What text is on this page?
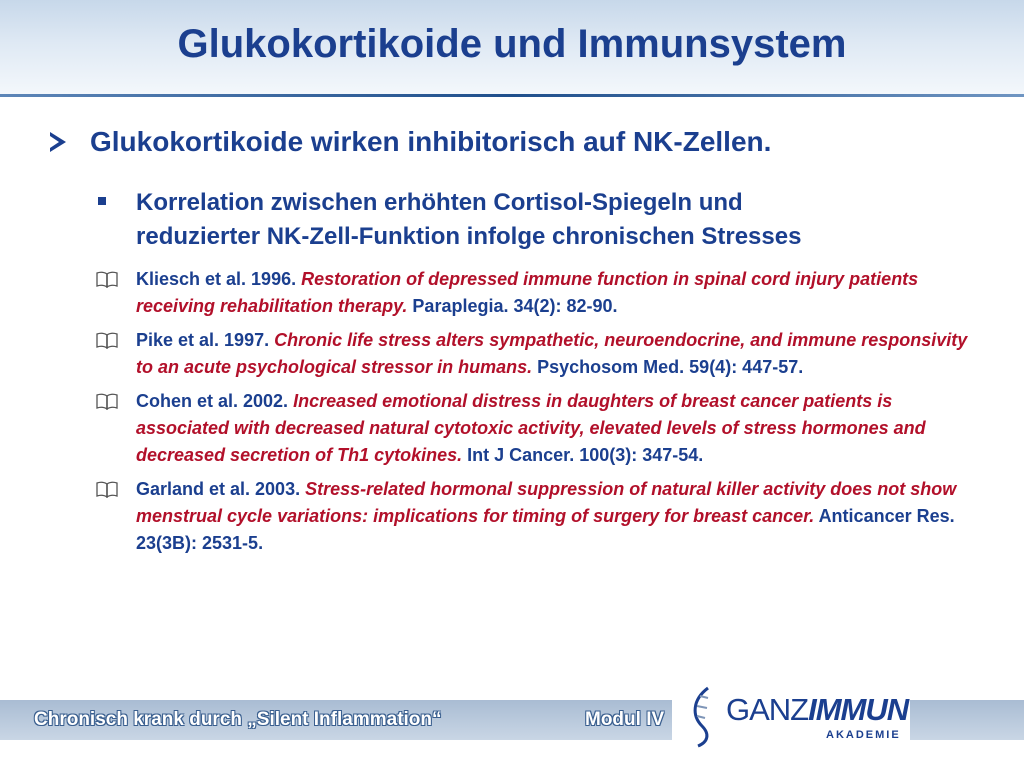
Glukokortikoide und Immunsystem
Glukokortikoide wirken inhibitorisch auf NK-Zellen.
Korrelation zwischen erhöhten Cortisol-Spiegeln und
reduzierter NK-Zell-Funktion infolge chronischen Stresses
Kliesch et al. 1996. Restoration of depressed immune function in spinal cord injury patients receiving rehabilitation therapy. Paraplegia. 34(2): 82-90.
Pike et al. 1997. Chronic life stress alters sympathetic, neuroendocrine, and immune responsivity to an acute psychological stressor in humans. Psychosom Med. 59(4): 447-57.
Cohen et al. 2002. Increased emotional distress in daughters of breast cancer patients is associated with decreased natural cytotoxic activity, elevated levels of stress hormones and decreased secretion of Th1 cytokines. Int J Cancer. 100(3): 347-54.
Garland et al. 2003. Stress-related hormonal suppression of natural killer activity does not show menstrual cycle variations: implications for timing of surgery for breast cancer. Anticancer Res. 23(3B): 2531-5.
Chronisch krank durch „Silent Inflammation“	Modul IV GANZIMMUN
AKADEMIE
